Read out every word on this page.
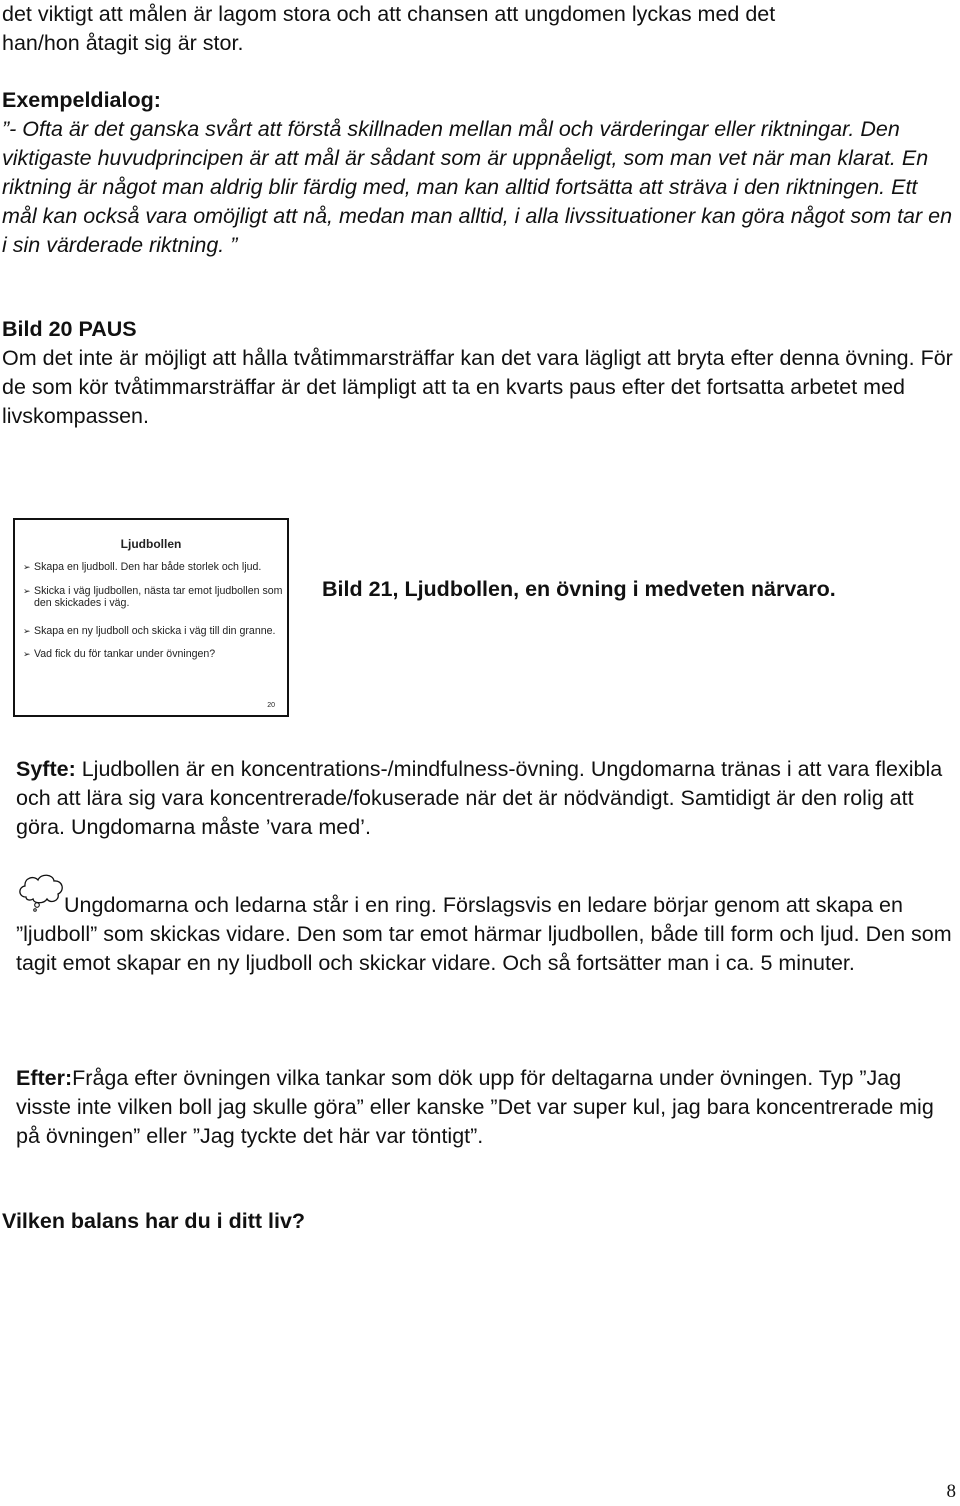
det viktigt att målen är lagom stora och att chansen att ungdomen lyckas med det

han/hon åtagit sig är stor.

Exempeldialog:

”- Ofta är det ganska svårt att förstå skillnaden mellan mål och värderingar eller riktningar. Den viktigaste huvudprincipen är att mål är sådant som är uppnåeligt, som man vet när man klarat. En riktning är något man aldrig blir färdig med, man kan alltid fortsätta att sträva i den riktningen. Ett mål kan också vara omöjligt att nå, medan man alltid, i alla livssituationer kan göra något som tar en i sin värderade riktning. ”

Bild 20 PAUS

Om det inte är möjligt att hålla tvåtimmarsträffar kan det vara lägligt att bryta efter denna övning. För de som kör tvåtimmarsträffar är det lämpligt att ta en kvarts paus efter det fortsatta arbetet med livskompassen.

Ljudbollen
➢ Skapa en ljudboll. Den har både storlek och ljud.
➢ Skicka i väg ljudbollen, nästa tar emot ljudbollen som den skickades i väg.
➢ Skapa en ny ljudboll och skicka i väg till din granne.
➢ Vad fick du för tankar under övningen?
20
Bild 21, Ljudbollen, en övning i medveten närvaro.

Syfte: Ljudbollen är en koncentrations-/mindfulness-övning. Ungdomarna tränas i att vara flexibla och att lära sig vara koncentrerade/fokuserade när det är nödvändigt. Samtidigt är den rolig att göra. Ungdomarna måste ’vara med’.

Ungdomarna och ledarna står i en ring. Förslagsvis en ledare börjar genom att skapa en ”ljudboll” som skickas vidare. Den som tar emot härmar ljudbollen, både till form och ljud. Den som tagit emot skapar en ny ljudboll och skickar vidare. Och så fortsätter man i ca. 5 minuter.

Efter:Fråga efter övningen vilka tankar som dök upp för deltagarna under övningen. Typ ”Jag visste inte vilken boll jag skulle göra” eller kanske ”Det var super kul, jag bara koncentrerade mig på övningen” eller ”Jag tyckte det här var töntigt”.

Vilken balans har du i ditt liv?

8
